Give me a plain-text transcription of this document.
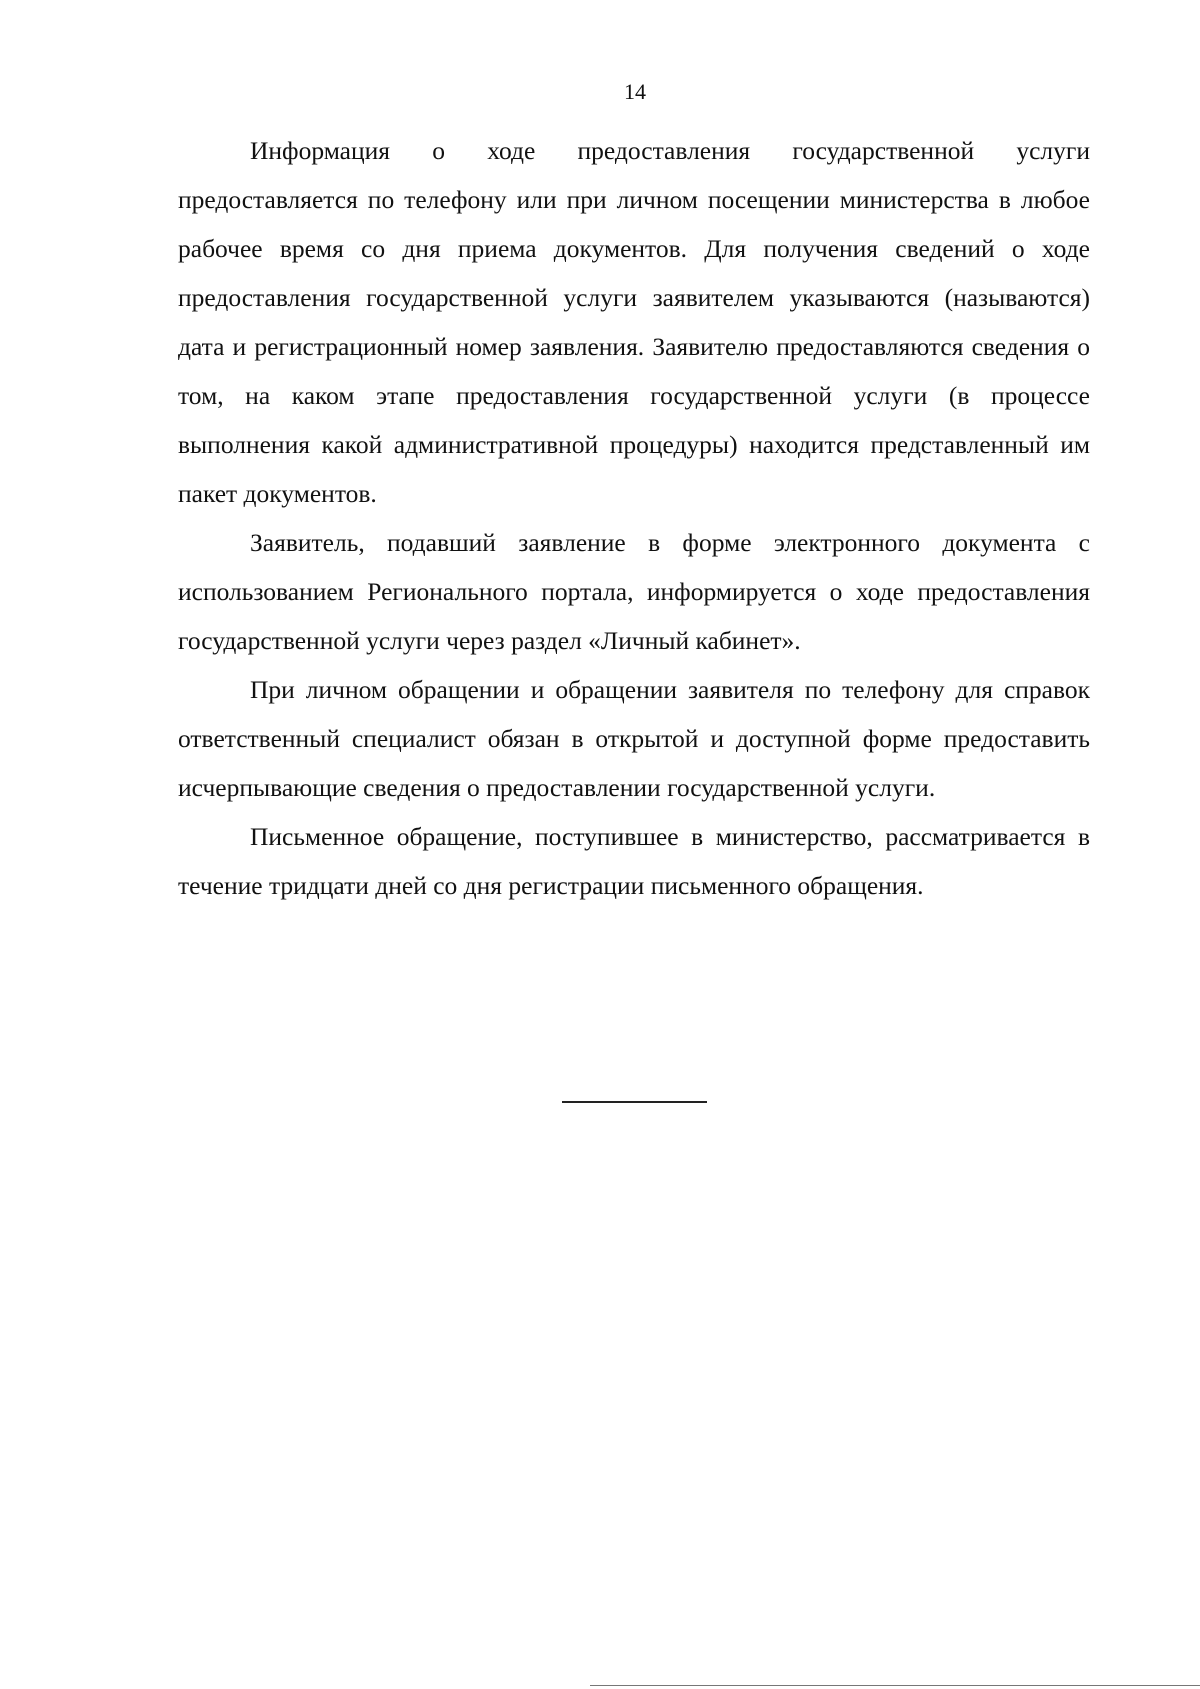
14

Информация о ходе предоставления государственной услуги предоставляется по телефону или при личном посещении министерства в любое рабочее время со дня приема документов. Для получения сведений о ходе предоставления государственной услуги заявителем указываются (называются) дата и регистрационный номер заявления. Заявителю предоставляются сведения о том, на каком этапе предоставления государственной услуги (в процессе выполнения какой административной процедуры) находится представленный им пакет документов.

Заявитель, подавший заявление в форме электронного документа с использованием Регионального портала, информируется о ходе предоставления государственной услуги через раздел «Личный кабинет».

При личном обращении и обращении заявителя по телефону для справок ответственный специалист обязан в открытой и доступной форме предоставить исчерпывающие сведения о предоставлении государственной услуги.

Письменное обращение, поступившее в министерство, рассматривается в течение тридцати дней со дня регистрации письменного обращения.
